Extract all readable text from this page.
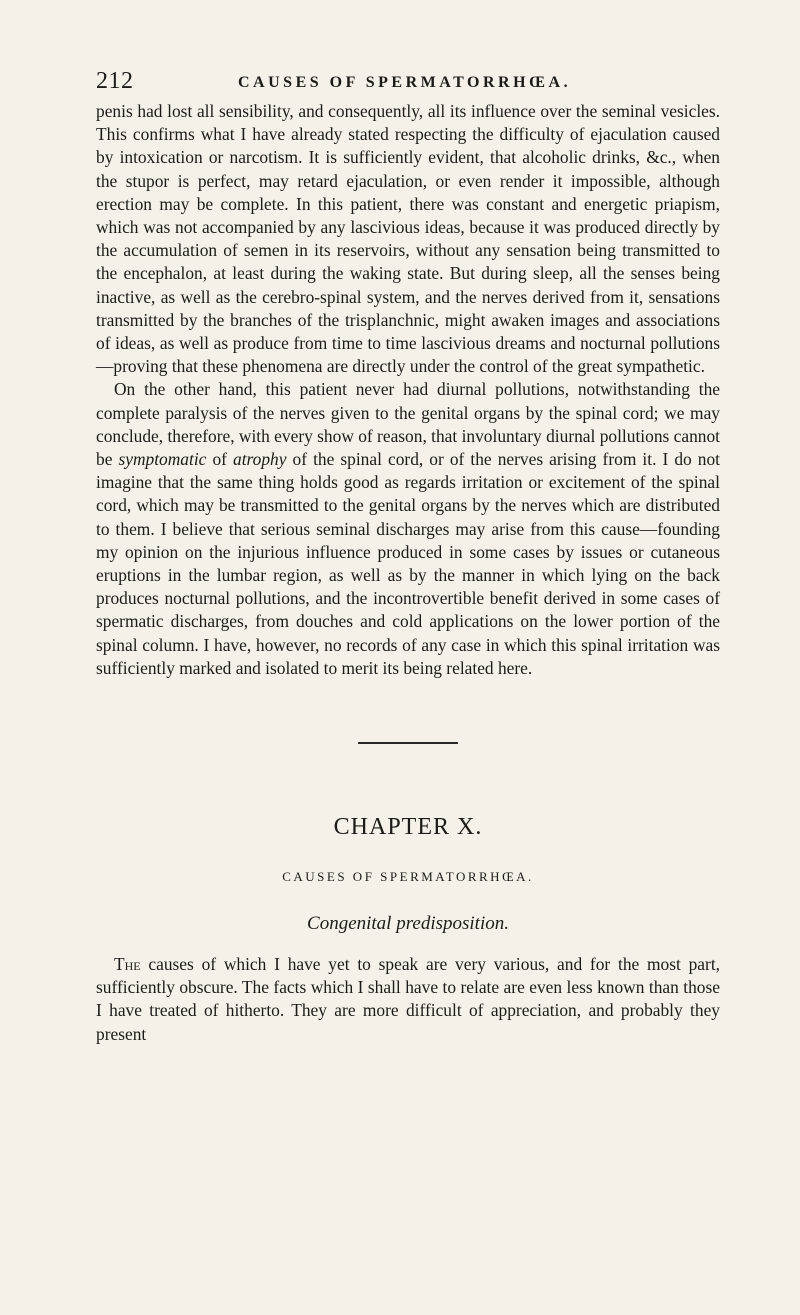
212	CAUSES OF SPERMATORRHŒA.

penis had lost all sensibility, and consequently, all its influence over the seminal vesicles. This confirms what I have already stated respecting the difficulty of ejaculation caused by intoxication or narcotism. It is sufficiently evident, that alcoholic drinks, &c., when the stupor is perfect, may retard ejaculation, or even render it impossible, although erection may be complete. In this patient, there was constant and energetic priapism, which was not accompanied by any lascivious ideas, because it was produced directly by the accumulation of semen in its reservoirs, without any sensation being transmitted to the encephalon, at least during the waking state. But during sleep, all the senses being inactive, as well as the cerebro-spinal system, and the nerves derived from it, sensations transmitted by the branches of the trisplanchnic, might awaken images and associations of ideas, as well as produce from time to time lascivious dreams and nocturnal pollutions—proving that these phenomena are directly under the control of the great sympathetic.

On the other hand, this patient never had diurnal pollutions, notwithstanding the complete paralysis of the nerves given to the genital organs by the spinal cord; we may conclude, therefore, with every show of reason, that involuntary diurnal pollutions cannot be symptomatic of atrophy of the spinal cord, or of the nerves arising from it. I do not imagine that the same thing holds good as regards irritation or excitement of the spinal cord, which may be transmitted to the genital organs by the nerves which are distributed to them. I believe that serious seminal discharges may arise from this cause—founding my opinion on the injurious influence produced in some cases by issues or cutaneous eruptions in the lumbar region, as well as by the manner in which lying on the back produces nocturnal pollutions, and the incontrovertible benefit derived in some cases of spermatic discharges, from douches and cold applications on the lower portion of the spinal column. I have, however, no records of any case in which this spinal irritation was sufficiently marked and isolated to merit its being related here.

CHAPTER X.
CAUSES OF SPERMATORRHŒA.
Congenital predisposition.

The causes of which I have yet to speak are very various, and for the most part, sufficiently obscure. The facts which I shall have to relate are even less known than those I have treated of hitherto. They are more difficult of appreciation, and probably they present
